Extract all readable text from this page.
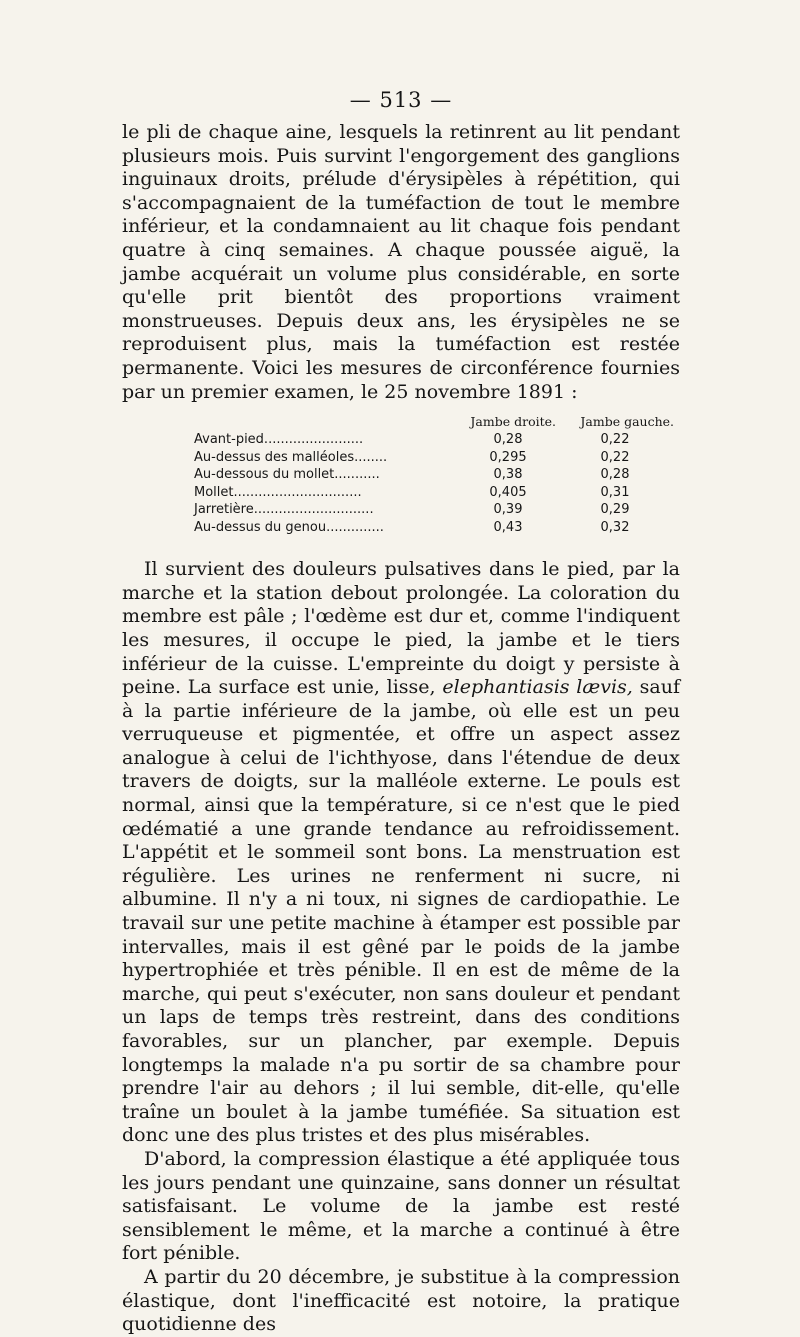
— 513 —

le pli de chaque aine, lesquels la retinrent au lit pendant plusieurs mois. Puis survint l'engorgement des ganglions inguinaux droits, prélude d'érysipèles à répétition, qui s'accompagnaient de la tuméfaction de tout le membre inférieur, et la condamnaient au lit chaque fois pendant quatre à cinq semaines. A chaque poussée aiguë, la jambe acquérait un volume plus considérable, en sorte qu'elle prit bientôt des proportions vraiment monstrueuses. Depuis deux ans, les érysipèles ne se reproduisent plus, mais la tuméfaction est restée permanente. Voici les mesures de circonférence fournies par un premier examen, le 25 novembre 1891 :

	Jambe droite.	Jambe gauche.
Avant-pied........................	0,28	0,22
Au-dessus des malléoles........	0,295	0,22
Au-dessous du mollet...........	0,38	0,28
Mollet...............................	0,405	0,31
Jarretière.............................	0,39	0,29
Au-dessus du genou..............	0,43	0,32

Il survient des douleurs pulsatives dans le pied, par la marche et la station debout prolongée. La coloration du membre est pâle ; l'œdème est dur et, comme l'indiquent les mesures, il occupe le pied, la jambe et le tiers inférieur de la cuisse. L'empreinte du doigt y persiste à peine. La surface est unie, lisse, elephantiasis lævis, sauf à la partie inférieure de la jambe, où elle est un peu verruqueuse et pigmentée, et offre un aspect assez analogue à celui de l'ichthyose, dans l'étendue de deux travers de doigts, sur la malléole externe. Le pouls est normal, ainsi que la température, si ce n'est que le pied œdématié a une grande tendance au refroidissement. L'appétit et le sommeil sont bons. La menstruation est régulière. Les urines ne renferment ni sucre, ni albumine. Il n'y a ni toux, ni signes de cardiopathie. Le travail sur une petite machine à étamper est possible par intervalles, mais il est gêné par le poids de la jambe hypertrophiée et très pénible. Il en est de même de la marche, qui peut s'exécuter, non sans douleur et pendant un laps de temps très restreint, dans des conditions favorables, sur un plancher, par exemple. Depuis longtemps la malade n'a pu sortir de sa chambre pour prendre l'air au dehors ; il lui semble, dit-elle, qu'elle traîne un boulet à la jambe tuméfiée. Sa situation est donc une des plus tristes et des plus misérables.

D'abord, la compression élastique a été appliquée tous les jours pendant une quinzaine, sans donner un résultat satisfaisant. Le volume de la jambe est resté sensiblement le même, et la marche a continué à être fort pénible.

A partir du 20 décembre, je substitue à la compression élastique, dont l'inefficacité est notoire, la pratique quotidienne des
